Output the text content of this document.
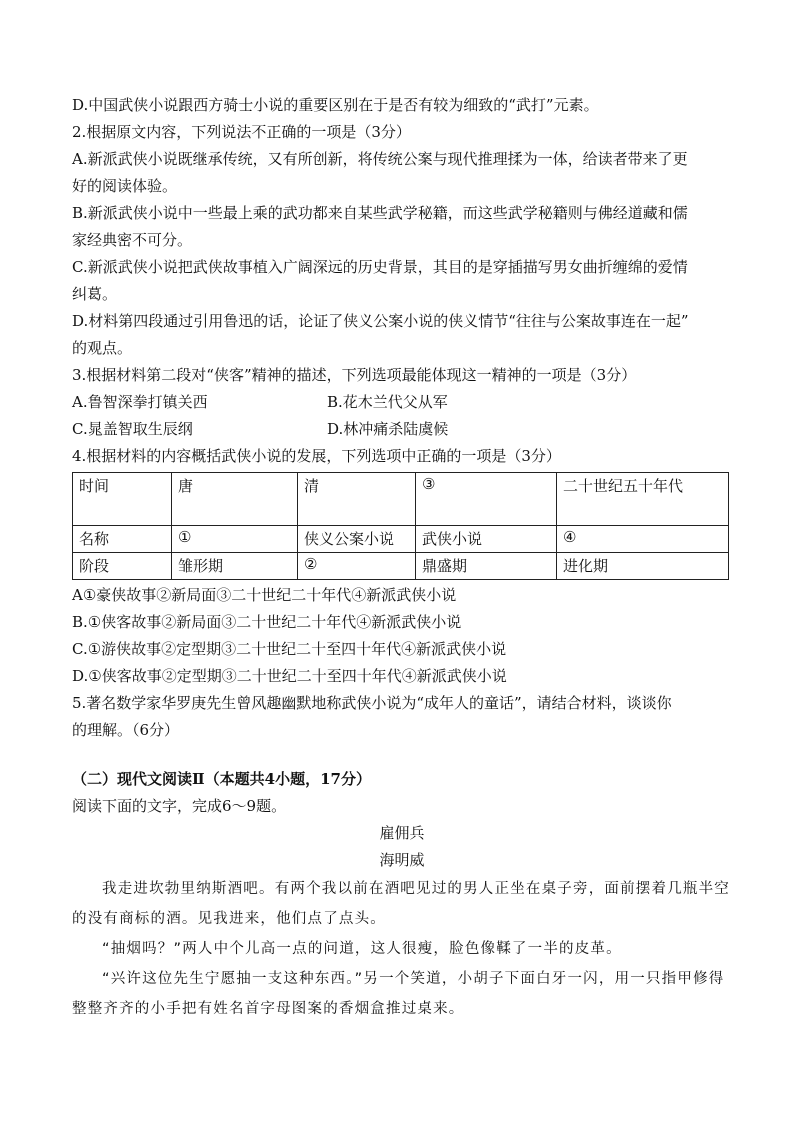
D.中国武侠小说跟西方骑士小说的重要区别在于是否有较为细致的“武打”元素。
2.根据原文内容，下列说法不正确的一项是（3分）
A.新派武侠小说既继承传统，又有所创新，将传统公案与现代推理揉为一体，给读者带来了更
好的阅读体验。
B.新派武侠小说中一些最上乘的武功都来自某些武学秘籍，而这些武学秘籍则与佛经道藏和儒
家经典密不可分。
C.新派武侠小说把武侠故事植入广阔深远的历史背景，其目的是穿插描写男女曲折缠绵的爱情
纠葛。
D.材料第四段通过引用鲁迅的话，论证了侠义公案小说的侠义情节“往往与公案故事连在一起”
的观点。
3.根据材料第二段对“侠客”精神的描述，下列选项最能体现这一精神的一项是（3分）
A.鲁智深拳打镇关西	B.花木兰代父从军
C.晁盖智取生辰纲	D.林冲痛杀陆虞候
4.根据材料的内容概括武侠小说的发展，下列选项中正确的一项是（3分）
时间	唐	清	③	二十世纪五十年代
名称	①	侠义公案小说	武侠小说	④
阶段	雏形期	②	鼎盛期	进化期
A①豪侠故事②新局面③二十世纪二十年代④新派武侠小说
B.①侠客故事②新局面③二十世纪二十年代④新派武侠小说
C.①游侠故事②定型期③二十世纪二十至四十年代④新派武侠小说
D.①侠客故事②定型期③二十世纪二十至四十年代④新派武侠小说
5.著名数学家华罗庚先生曾风趣幽默地称武侠小说为“成年人的童话”，请结合材料，谈谈你
的理解。（6分）
（二）现代文阅读Ⅱ（本题共4小题，17分）
阅读下面的文字，完成6～9题。
雇佣兵
海明威

我走进坎勃里纳斯酒吧。有两个我以前在酒吧见过的男人正坐在桌子旁，面前摆着几瓶半空的没有商标的酒。见我进来，他们点了点头。

“抽烟吗？”两人中个儿高一点的问道，这人很瘦，脸色像鞣了一半的皮革。

“兴许这位先生宁愿抽一支这种东西。”另一个笑道，小胡子下面白牙一闪，用一只指甲修得整整齐齐的小手把有姓名首字母图案的香烟盒推过桌来。
